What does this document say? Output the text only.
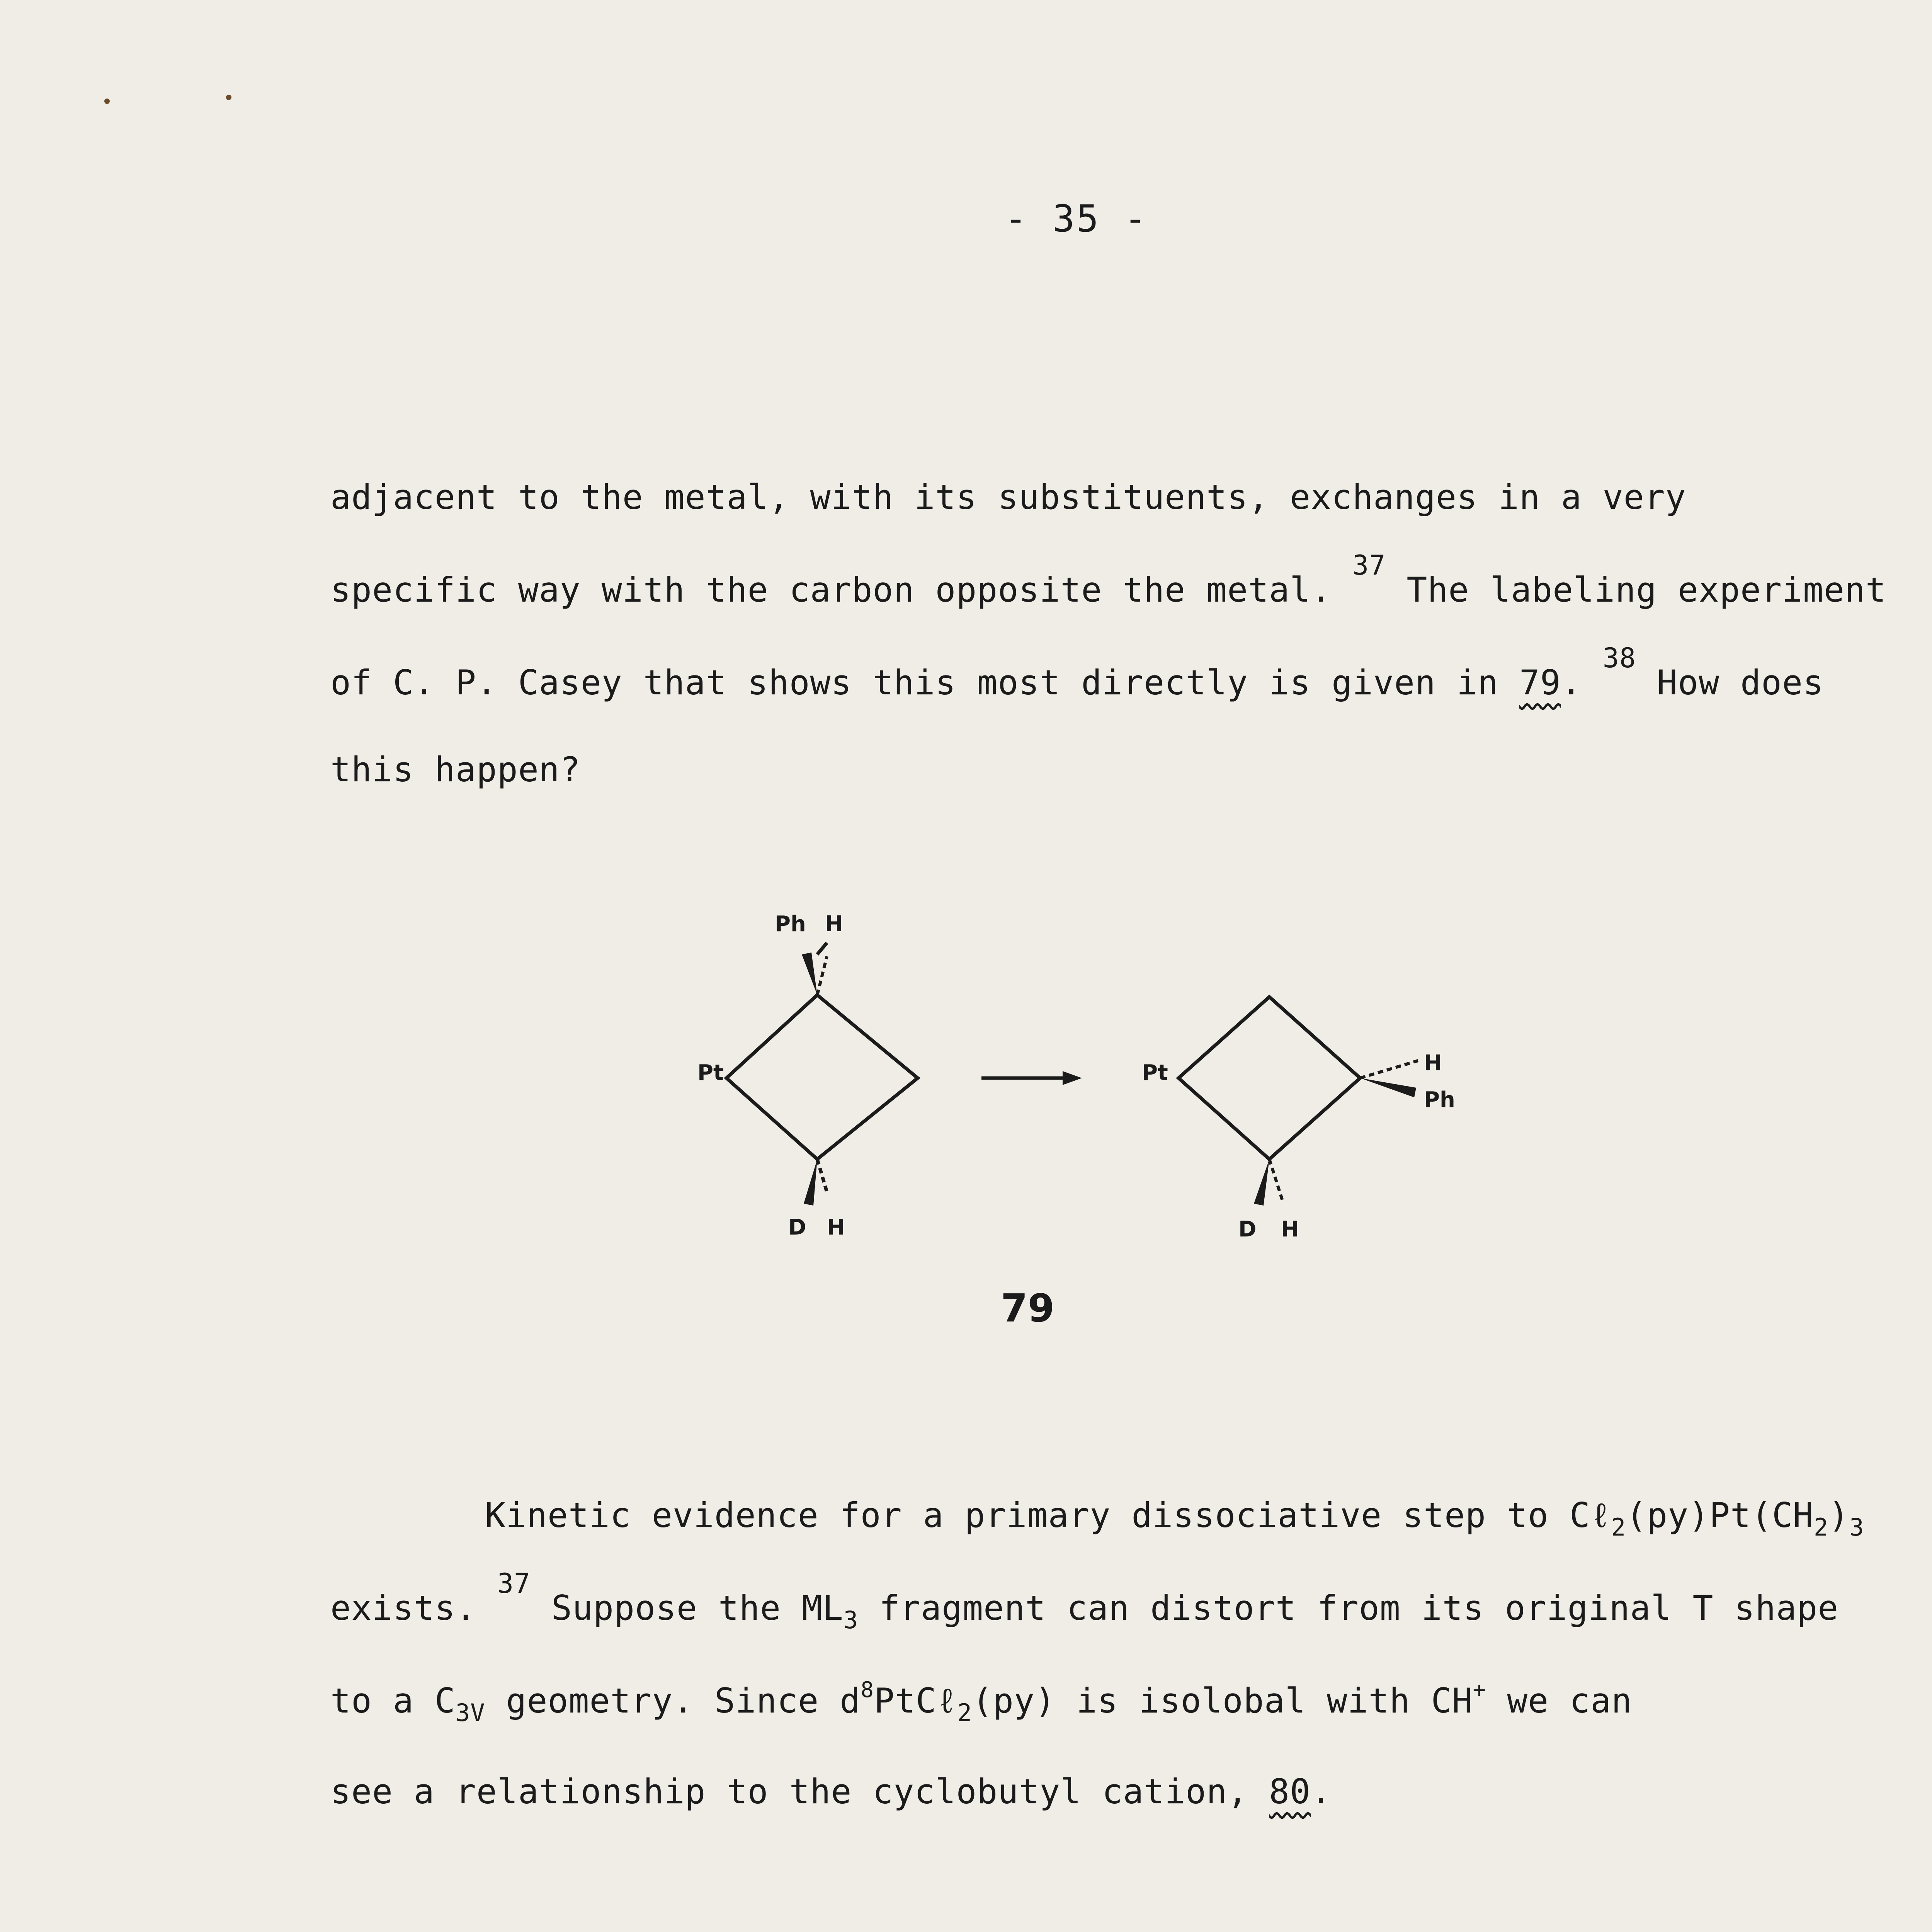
- 35 -
adjacent to the metal, with its substituents, exchanges in a very
specific way with the carbon opposite the metal. $^{37}$ The labeling experiment
of C. P. Casey that shows this most directly is given in 79. $^{38}$ How does
this happen?
Ph H
Pt
D H
Pt	H
Ph
D H
79
Kinetic evidence for a primary dissociative step to $C\ell_2(py)Pt(CH_2)_3$
exists. $^{37}$ Suppose the $ML_3$ fragment can distort from its original T shape
to a $C_{3V}$ geometry. Since $d^8PtC\ell_2(py)$ is isolobal with CH+ we can
see a relationship to the cyclobutyl cation, 80.
